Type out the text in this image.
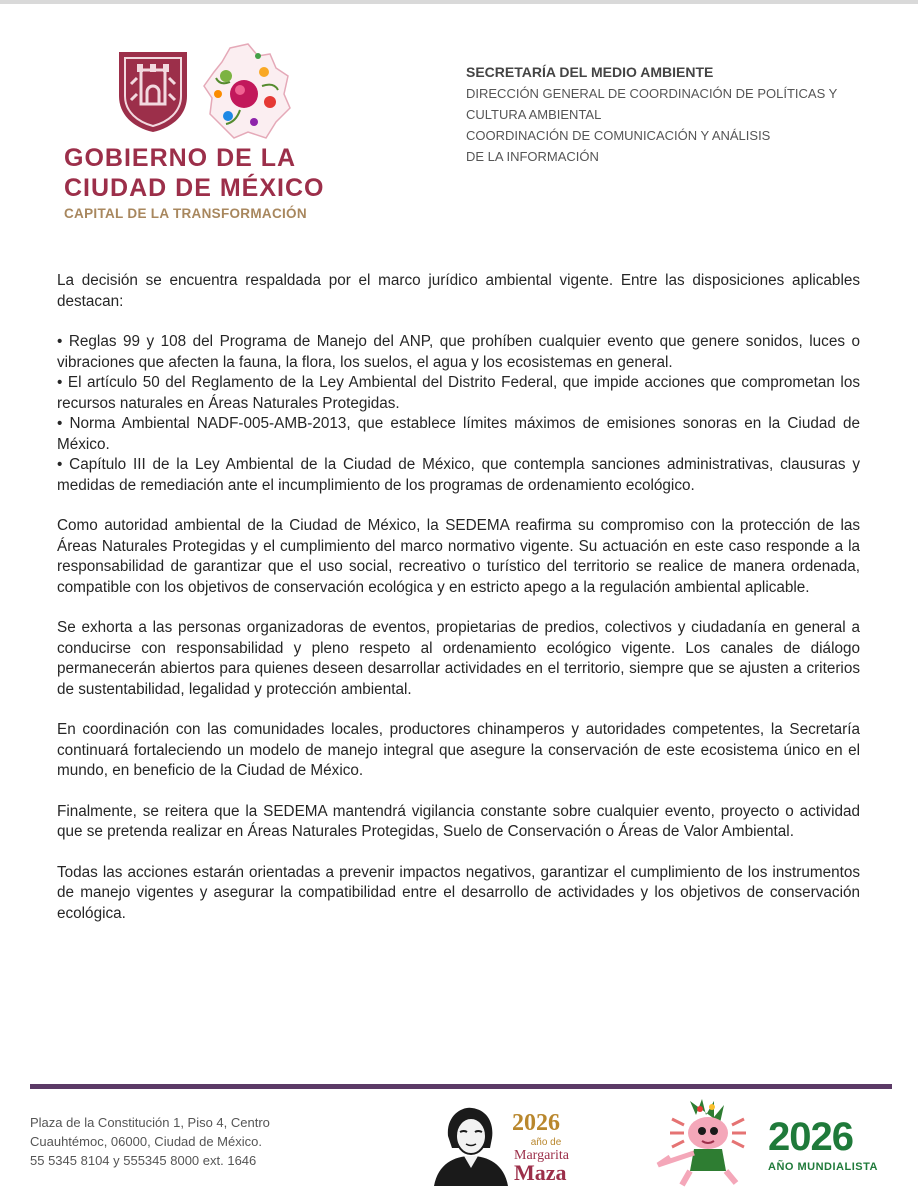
GOBIERNO DE LA
CIUDAD DE MÉXICO
CAPITAL DE LA TRANSFORMACIÓN
SECRETARÍA DEL MEDIO AMBIENTE
DIRECCIÓN GENERAL DE COORDINACIÓN DE POLÍTICAS Y
CULTURA AMBIENTAL
COORDINACIÓN DE COMUNICACIÓN Y ANÁLISIS
DE LA INFORMACIÓN

La decisión se encuentra respaldada por el marco jurídico ambiental vigente. Entre las disposiciones aplicables destacan:

• Reglas 99 y 108 del Programa de Manejo del ANP, que prohíben cualquier evento que genere sonidos, luces o vibraciones que afecten la fauna, la flora, los suelos, el agua y los ecosistemas en general.
• El artículo 50 del Reglamento de la Ley Ambiental del Distrito Federal, que impide acciones que comprometan los recursos naturales en Áreas Naturales Protegidas.
• Norma Ambiental NADF-005-AMB-2013, que establece límites máximos de emisiones sonoras en la Ciudad de México.
• Capítulo III de la Ley Ambiental de la Ciudad de México, que contempla sanciones administrativas, clausuras y medidas de remediación ante el incumplimiento de los programas de ordenamiento ecológico.

Como autoridad ambiental de la Ciudad de México, la SEDEMA reafirma su compromiso con la protección de las Áreas Naturales Protegidas y el cumplimiento del marco normativo vigente. Su actuación en este caso responde a la responsabilidad de garantizar que el uso social, recreativo o turístico del territorio se realice de manera ordenada, compatible con los objetivos de conservación ecológica y en estricto apego a la regulación ambiental aplicable.

Se exhorta a las personas organizadoras de eventos, propietarias de predios, colectivos y ciudadanía en general a conducirse con responsabilidad y pleno respeto al ordenamiento ecológico vigente. Los canales de diálogo permanecerán abiertos para quienes deseen desarrollar actividades en el territorio, siempre que se ajusten a criterios de sustentabilidad, legalidad y protección ambiental.

En coordinación con las comunidades locales, productores chinamperos y autoridades competentes, la Secretaría continuará fortaleciendo un modelo de manejo integral que asegure la conservación de este ecosistema único en el mundo, en beneficio de la Ciudad de México.

Finalmente, se reitera que la SEDEMA mantendrá vigilancia constante sobre cualquier evento, proyecto o actividad que se pretenda realizar en Áreas Naturales Protegidas, Suelo de Conservación o Áreas de Valor Ambiental.

Todas las acciones estarán orientadas a prevenir impactos negativos, garantizar el cumplimiento de los instrumentos de manejo vigentes y asegurar la compatibilidad entre el desarrollo de actividades y los objetivos de conservación ecológica.

Plaza de la Constitución 1, Piso 4, Centro
Cuauhtémoc, 06000, Ciudad de México.
55 5345 8104 y 555345 8000 ext. 1646
2026
año de
Margarita
Maza
2026
AÑO MUNDIALISTA
